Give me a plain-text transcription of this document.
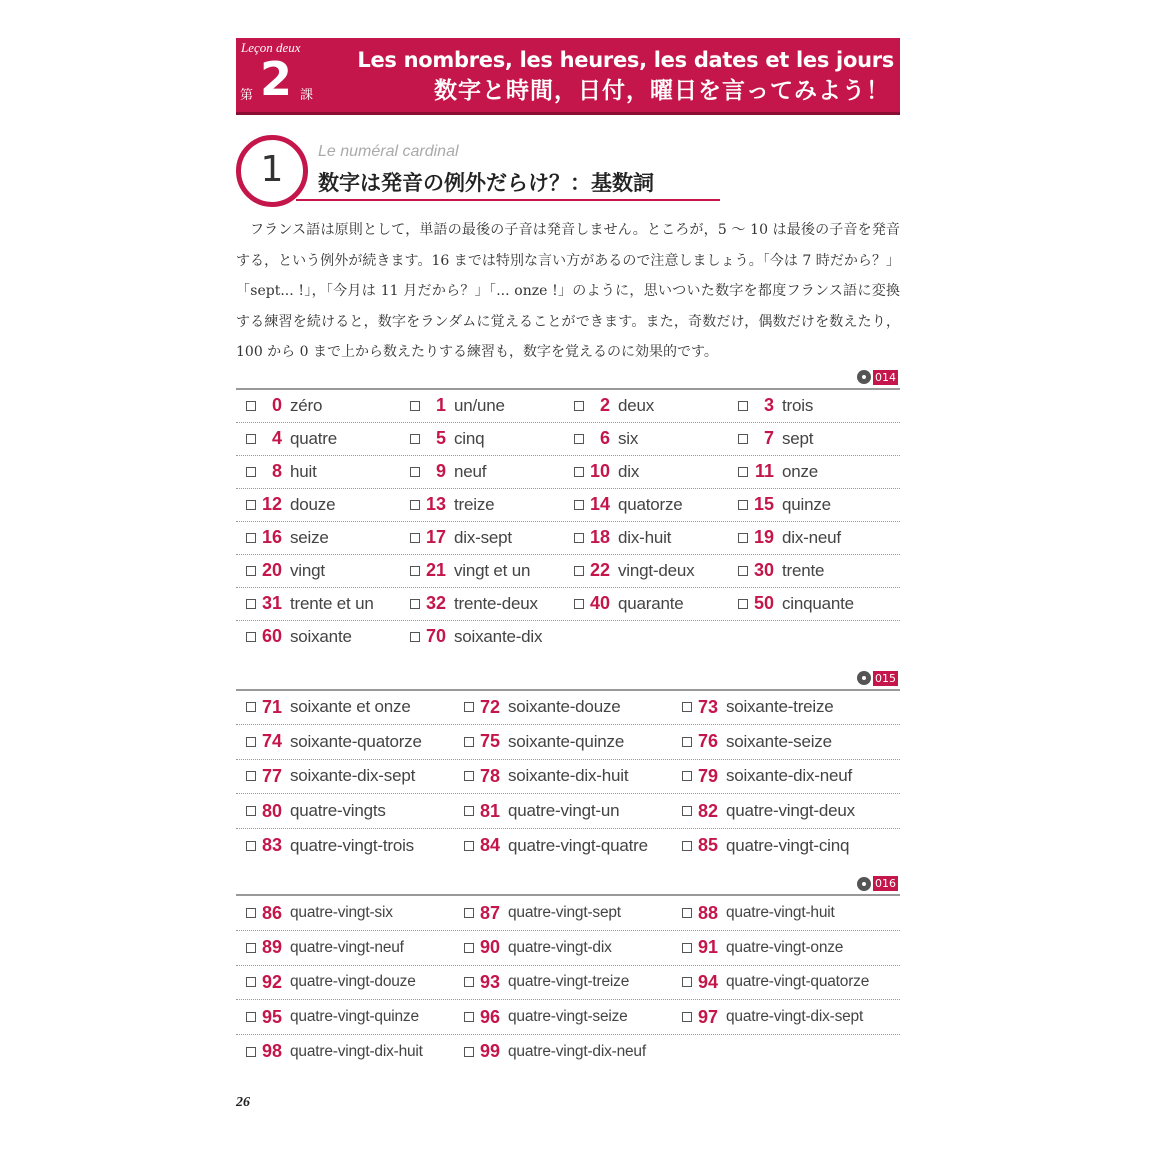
Leçon deux
第 2 課
Les nombres, les heures, les dates et les jours
数字と時間，日付，曜日を言ってみよう！
1	Le numéral cardinal
数字は発音の例外だらけ？：基数詞

フランス語は原則として，単語の最後の子音は発音しません。ところが，5 ～ 10 は最後の子音を発音する，という例外が続きます。16 までは特別な言い方があるので注意しましょう。「今は 7 時だから？」「sept... !」，「今月は 11 月だから？」「... onze !」のように，思いついた数字を都度フランス語に変換する練習を続けると，数字をランダムに覚えることができます。また，奇数だけ，偶数だけを数えたり，100 から 0 まで上から数えたりする練習も，数字を覚えるのに効果的です。

014
0 zéro	1 un/une	2 deux	3 trois
4 quatre	5 cinq	6 six	7 sept
8 huit	9 neuf	10 dix	11 onze
12 douze	13 treize	14 quatorze	15 quinze
16 seize	17 dix-sept	18 dix-huit	19 dix-neuf
20 vingt	21 vingt et un	22 vingt-deux	30 trente
31 trente et un	32 trente-deux	40 quarante	50 cinquante
60 soixante	70 soixante-dix
015
71 soixante et onze	72 soixante-douze	73 soixante-treize
74 soixante-quatorze	75 soixante-quinze	76 soixante-seize
77 soixante-dix-sept	78 soixante-dix-huit	79 soixante-dix-neuf
80 quatre-vingts	81 quatre-vingt-un	82 quatre-vingt-deux
83 quatre-vingt-trois	84 quatre-vingt-quatre	85 quatre-vingt-cinq
016
86 quatre-vingt-six	87 quatre-vingt-sept	88 quatre-vingt-huit
89 quatre-vingt-neuf	90 quatre-vingt-dix	91 quatre-vingt-onze
92 quatre-vingt-douze	93 quatre-vingt-treize	94 quatre-vingt-quatorze
95 quatre-vingt-quinze	96 quatre-vingt-seize	97 quatre-vingt-dix-sept
98 quatre-vingt-dix-huit	99 quatre-vingt-dix-neuf
26
